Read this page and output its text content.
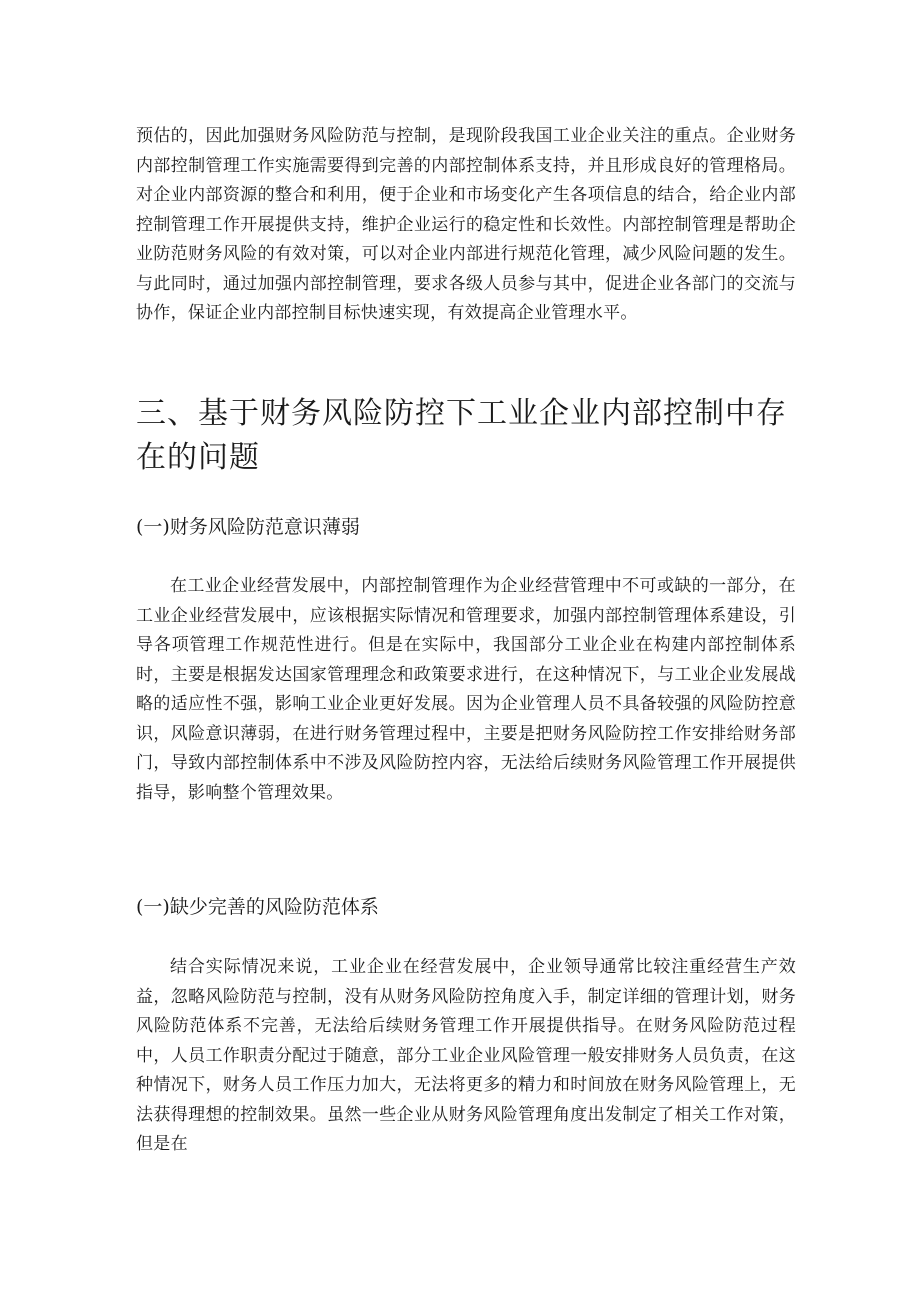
预估的，因此加强财务风险防范与控制，是现阶段我国工业企业关注的重点。企业财务内部控制管理工作实施需要得到完善的内部控制体系支持，并且形成良好的管理格局。对企业内部资源的整合和利用，便于企业和市场变化产生各项信息的结合，给企业内部控制管理工作开展提供支持，维护企业运行的稳定性和长效性。内部控制管理是帮助企业防范财务风险的有效对策，可以对企业内部进行规范化管理，减少风险问题的发生。与此同时，通过加强内部控制管理，要求各级人员参与其中，促进企业各部门的交流与协作，保证企业内部控制目标快速实现，有效提高企业管理水平。

三、基于财务风险防控下工业企业内部控制中存在的问题
(一)财务风险防范意识薄弱

在工业企业经营发展中，内部控制管理作为企业经营管理中不可或缺的一部分，在工业企业经营发展中，应该根据实际情况和管理要求，加强内部控制管理体系建设，引导各项管理工作规范性进行。但是在实际中，我国部分工业企业在构建内部控制体系时，主要是根据发达国家管理理念和政策要求进行，在这种情况下，与工业企业发展战略的适应性不强，影响工业企业更好发展。因为企业管理人员不具备较强的风险防控意识，风险意识薄弱，在进行财务管理过程中，主要是把财务风险防控工作安排给财务部门，导致内部控制体系中不涉及风险防控内容，无法给后续财务风险管理工作开展提供指导，影响整个管理效果。

(一)缺少完善的风险防范体系

结合实际情况来说，工业企业在经营发展中，企业领导通常比较注重经营生产效益，忽略风险防范与控制，没有从财务风险防控角度入手，制定详细的管理计划，财务风险防范体系不完善，无法给后续财务管理工作开展提供指导。在财务风险防范过程中，人员工作职责分配过于随意，部分工业企业风险管理一般安排财务人员负责，在这种情况下，财务人员工作压力加大，无法将更多的精力和时间放在财务风险管理上，无法获得理想的控制效果。虽然一些企业从财务风险管理角度出发制定了相关工作对策，但是在
